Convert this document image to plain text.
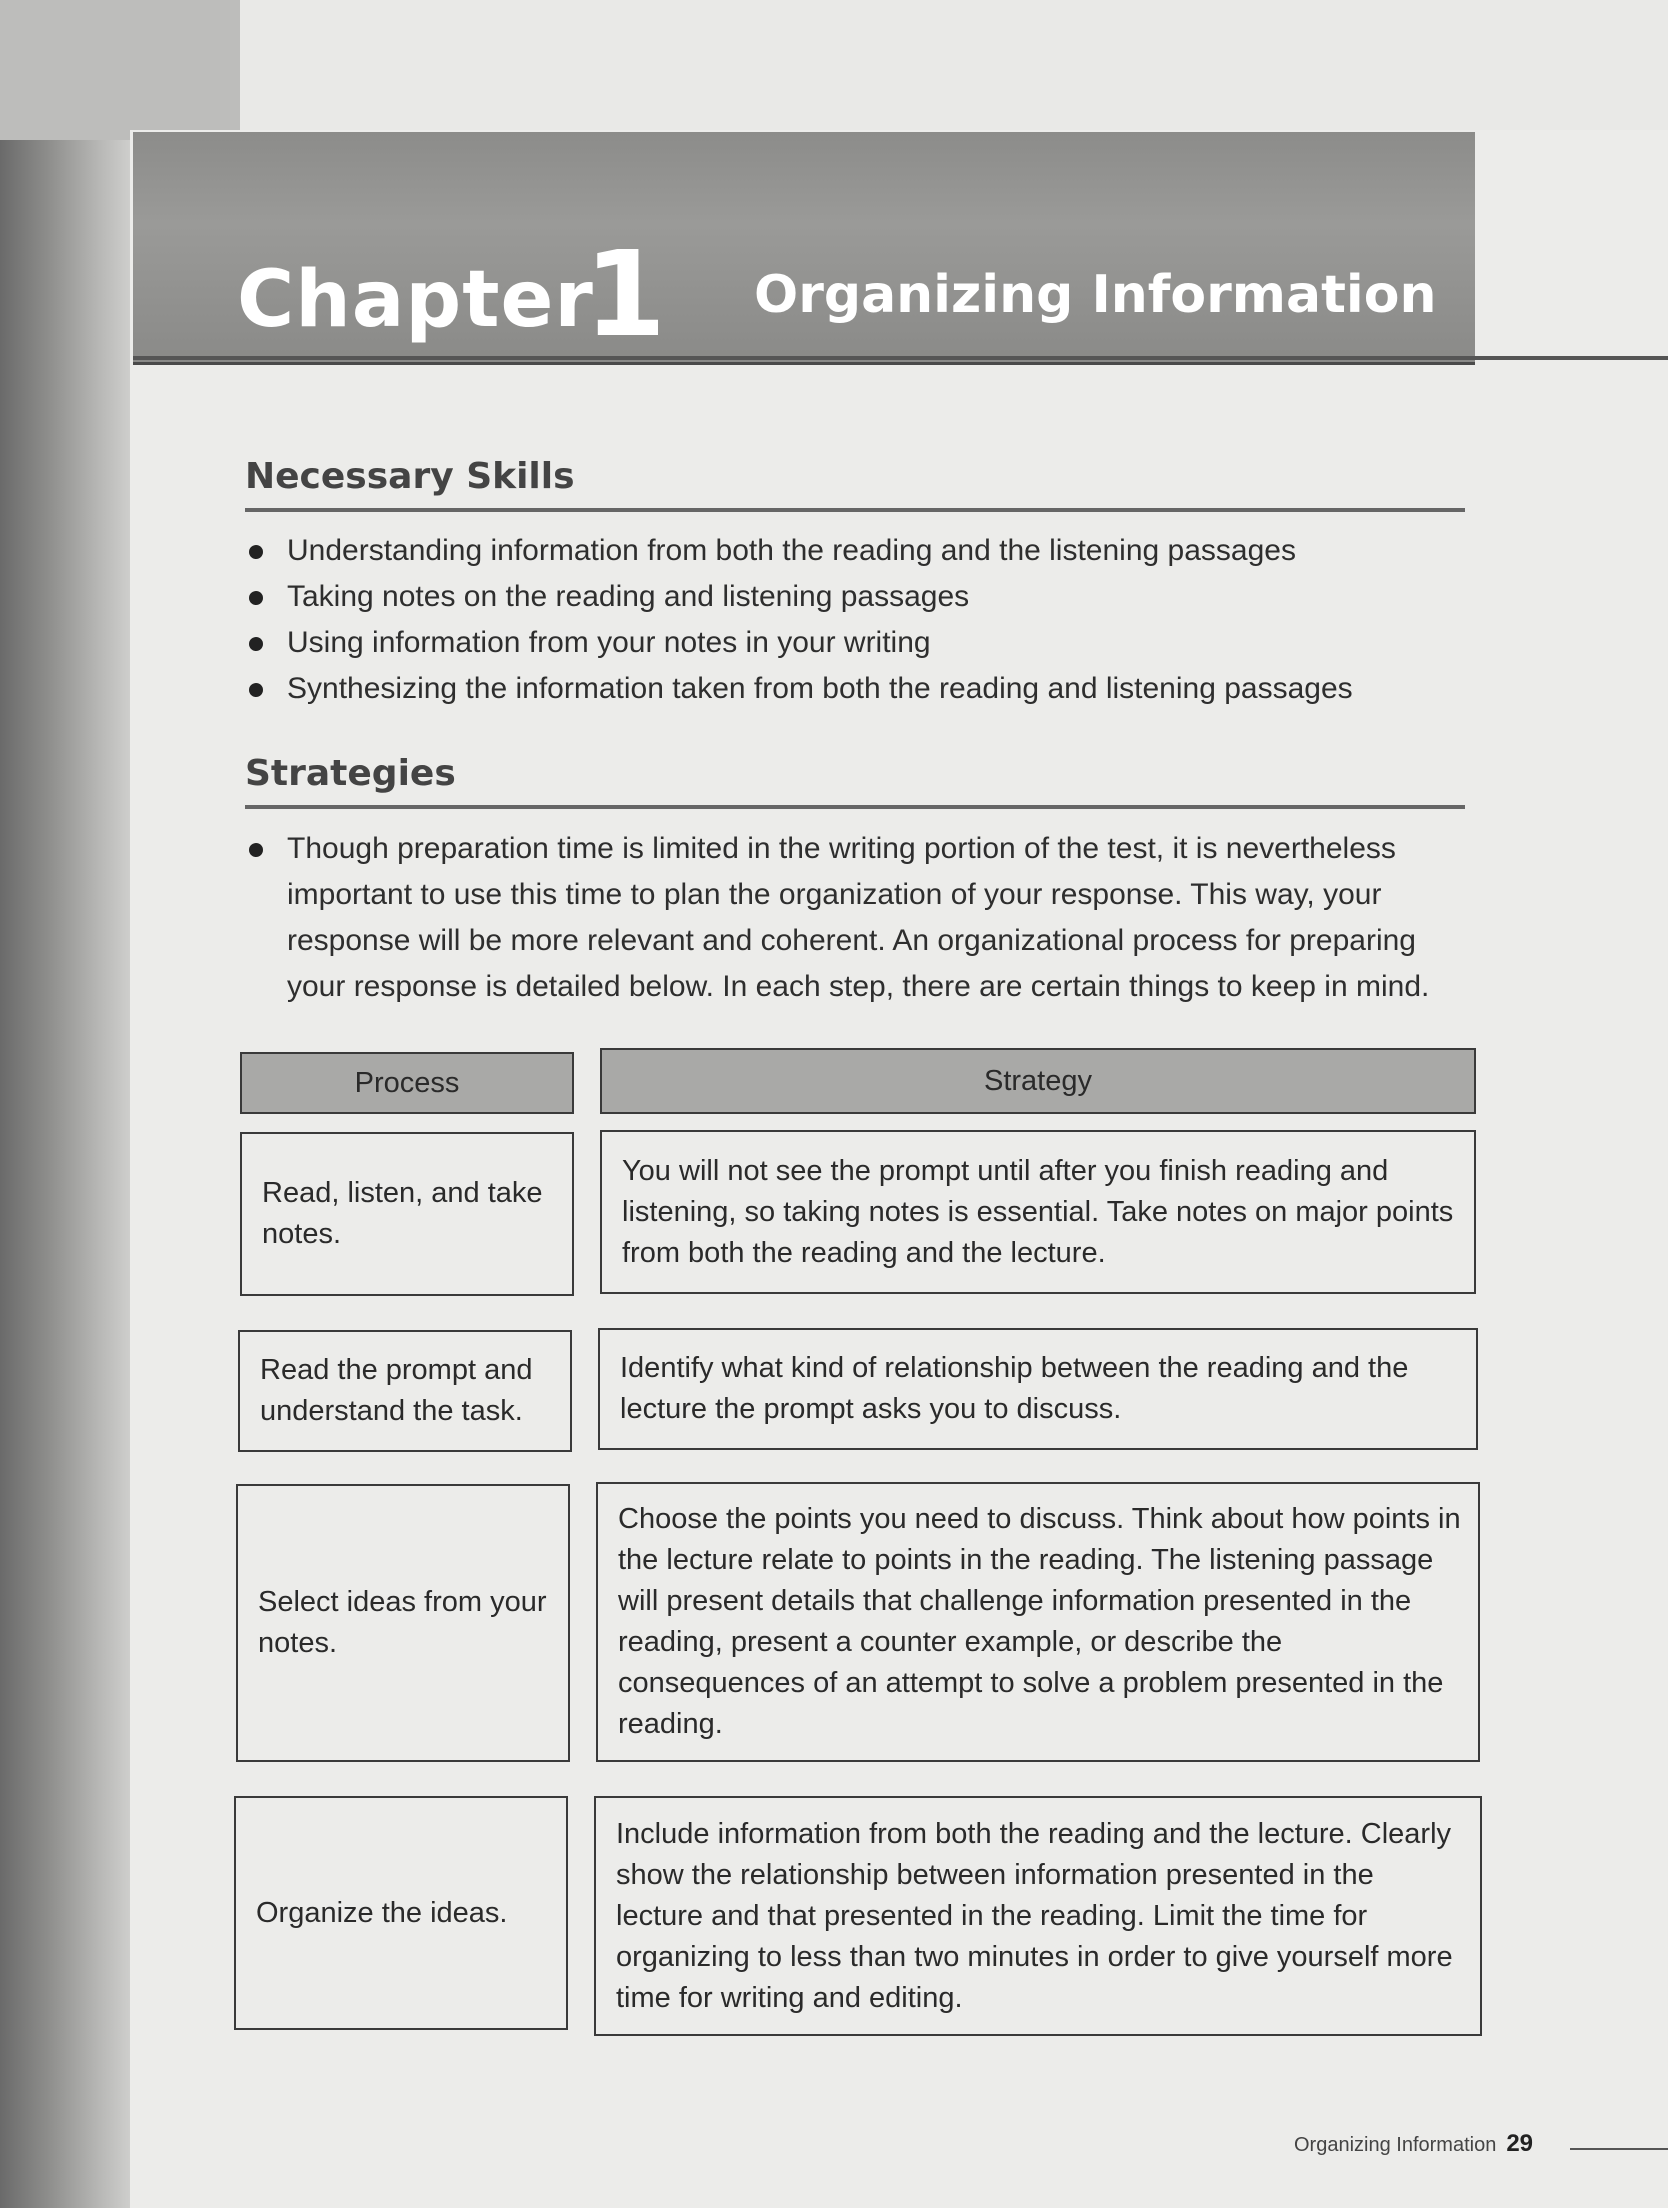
Chapter
1 Organizing Information
Necessary Skills
Understanding information from both the reading and the listening passages
Taking notes on the reading and listening passages
Using information from your notes in your writing
Synthesizing the information taken from both the reading and listening passages
Strategies
Though preparation time is limited in the writing portion of the test, it is nevertheless important to use this time to plan the organization of your response. This way, your response will be more relevant and coherent. An organizational process for preparing your response is detailed below. In each step, there are certain things to keep in mind.
Process	Strategy
Read, listen, and take notes.
You will not see the prompt until after you finish reading and listening, so taking notes is essential. Take notes on major points from both the reading and the lecture.
Read the prompt and understand the task.
Identify what kind of relationship between the reading and the lecture the prompt asks you to discuss.
Select ideas from your notes.
Choose the points you need to discuss. Think about how points in the lecture relate to points in the reading. The listening passage will present details that challenge information presented in the reading, present a counter example, or describe the consequences of an attempt to solve a problem presented in the reading.
Organize the ideas.
Include information from both the reading and the lecture. Clearly show the relationship between information presented in the lecture and that presented in the reading. Limit the time for organizing to less than two minutes in order to give yourself more time for writing and editing.
Organizing Information 29
